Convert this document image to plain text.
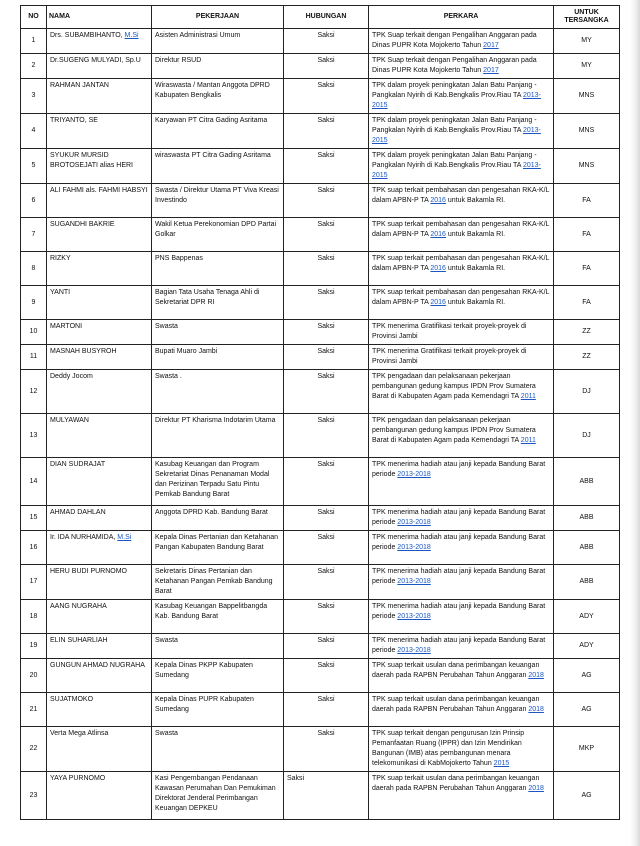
NO	NAMA	PEKERJAAN	HUBUNGAN	PERKARA	UNTUK TERSANGKA
1	Drs. SUBAMBIHANTO, M.Si	Asisten Administrasi Umum	Saksi	TPK Suap terkait dengan Pengalihan Anggaran pada Dinas PUPR Kota Mojokerto Tahun 2017	MY
2	Dr.SUGENG MULYADI, Sp.U	Direktur RSUD	Saksi	TPK Suap terkait dengan Pengalihan Anggaran pada Dinas PUPR Kota Mojokerto Tahun 2017	MY
3	RAHMAN JANTAN	Wiraswasta / Mantan Anggota DPRD Kabupaten Bengkalis	Saksi	TPK dalam proyek peningkatan Jalan Batu Panjang - Pangkalan Nyirih di Kab.Bengkalis Prov.Riau TA 2013-2015	MNS
4	TRIYANTO, SE	Karyawan PT Citra Gading Asritama	Saksi	TPK dalam proyek peningkatan Jalan Batu Panjang - Pangkalan Nyirih di Kab.Bengkalis Prov.Riau TA 2013-2015	MNS
5	SYUKUR MURSID BROTOSEJATI alias HERI	wiraswasta PT Citra Gading Asritama	Saksi	TPK dalam proyek peningkatan Jalan Batu Panjang - Pangkalan Nyirih di Kab.Bengkalis Prov.Riau TA 2013-2015	MNS
6	ALI FAHMI als. FAHMI HABSYI	Swasta / Direktur Utama PT Viva Kreasi Investindo	Saksi	TPK suap terkait pembahasan dan pengesahan RKA-K/L dalam APBN-P TA 2016 untuk Bakamla RI.	FA
7	SUGANDHI BAKRIE	Wakil Ketua Perekonomian DPD Partai Golkar	Saksi	TPK suap terkait pembahasan dan pengesahan RKA-K/L dalam APBN-P TA 2016 untuk Bakamla RI.	FA
8	RIZKY	PNS Bappenas	Saksi	TPK suap terkait pembahasan dan pengesahan RKA-K/L dalam APBN-P TA 2016 untuk Bakamla RI.	FA
9	YANTI	Bagian Tata Usaha Tenaga Ahli di Sekretariat DPR RI	Saksi	TPK suap terkait pembahasan dan pengesahan RKA-K/L dalam APBN-P TA 2016 untuk Bakamla RI.	FA
10	MARTONI	Swasta	Saksi	TPK menerima Gratifikasi terkait proyek-proyek di Provinsi Jambi	ZZ
11	MASNAH BUSYROH	Bupati Muaro Jambi	Saksi	TPK menerima Gratifikasi terkait proyek-proyek di Provinsi Jambi	ZZ
12	Deddy Jocom	Swasta .	Saksi	TPK pengadaan dan pelaksanaan pekerjaan pembangunan gedung kampus IPDN Prov Sumatera Barat di Kabupaten Agam pada Kemendagri TA 2011	DJ
13	MULYAWAN	Direktur PT Kharisma Indotarim Utama	Saksi	TPK pengadaan dan pelaksanaan pekerjaan pembangunan gedung kampus IPDN Prov Sumatera Barat di Kabupaten Agam pada Kemendagri TA 2011	DJ
14	DIAN SUDRAJAT	Kasubag Keuangan dan Program Sekretariat Dinas Penanaman Modal dan Perizinan Terpadu Satu Pintu Pemkab Bandung Barat	Saksi	TPK menerima hadiah atau janji kepada Bandung Barat periode 2013-2018	ABB
15	AHMAD DAHLAN	Anggota DPRD Kab. Bandung Barat	Saksi	TPK menerima hadiah atau janji kepada Bandung Barat periode 2013-2018	ABB
16	Ir. IDA NURHAMIDA, M.Si	Kepala Dinas Pertanian dan Ketahanan Pangan Kabupaten Bandung Barat	Saksi	TPK menerima hadiah atau janji kepada Bandung Barat periode 2013-2018	ABB
17	HERU BUDI PURNOMO	Sekretaris Dinas Pertanian dan Ketahanan Pangan Pemkab Bandung Barat	Saksi	TPK menerima hadiah atau janji kepada Bandung Barat periode 2013-2018	ABB
18	AANG NUGRAHA	Kasubag Keuangan Bappelitbangda Kab. Bandung Barat	Saksi	TPK menerima hadiah atau janji kepada Bandung Barat periode 2013-2018	ADY
19	ELIN SUHARLIAH	Swasta	Saksi	TPK menerima hadiah atau janji kepada Bandung Barat periode 2013-2018	ADY
20	GUNGUN AHMAD NUGRAHA	Kepala Dinas PKPP Kabupaten Sumedang	Saksi	TPK suap terkait usulan dana perimbangan keuangan daerah pada RAPBN Perubahan Tahun Anggaran 2018	AG
21	SUJATMOKO	Kepala Dinas PUPR Kabupaten Sumedang	Saksi	TPK suap terkait usulan dana perimbangan keuangan daerah pada RAPBN Perubahan Tahun Anggaran 2018	AG
22	Verta Mega Atlinsa	Swasta	Saksi	TPK suap terkait dengan pengurusan Izin Prinsip Pemanfaatan Ruang (IPPR) dan Izin Mendirikan Bangunan (IMB) atas pembangunan menara telekomunikasi di KabMojokerto Tahun 2015	MKP
23	YAYA PURNOMO	Kasi Pengembangan Pendanaan Kawasan Perumahan Dan Pemukiman Direktorat Jenderal Perimbangan Keuangan DEPKEU	Saksi	TPK suap terkait usulan dana perimbangan keuangan daerah pada RAPBN Perubahan Tahun Anggaran 2018	AG
